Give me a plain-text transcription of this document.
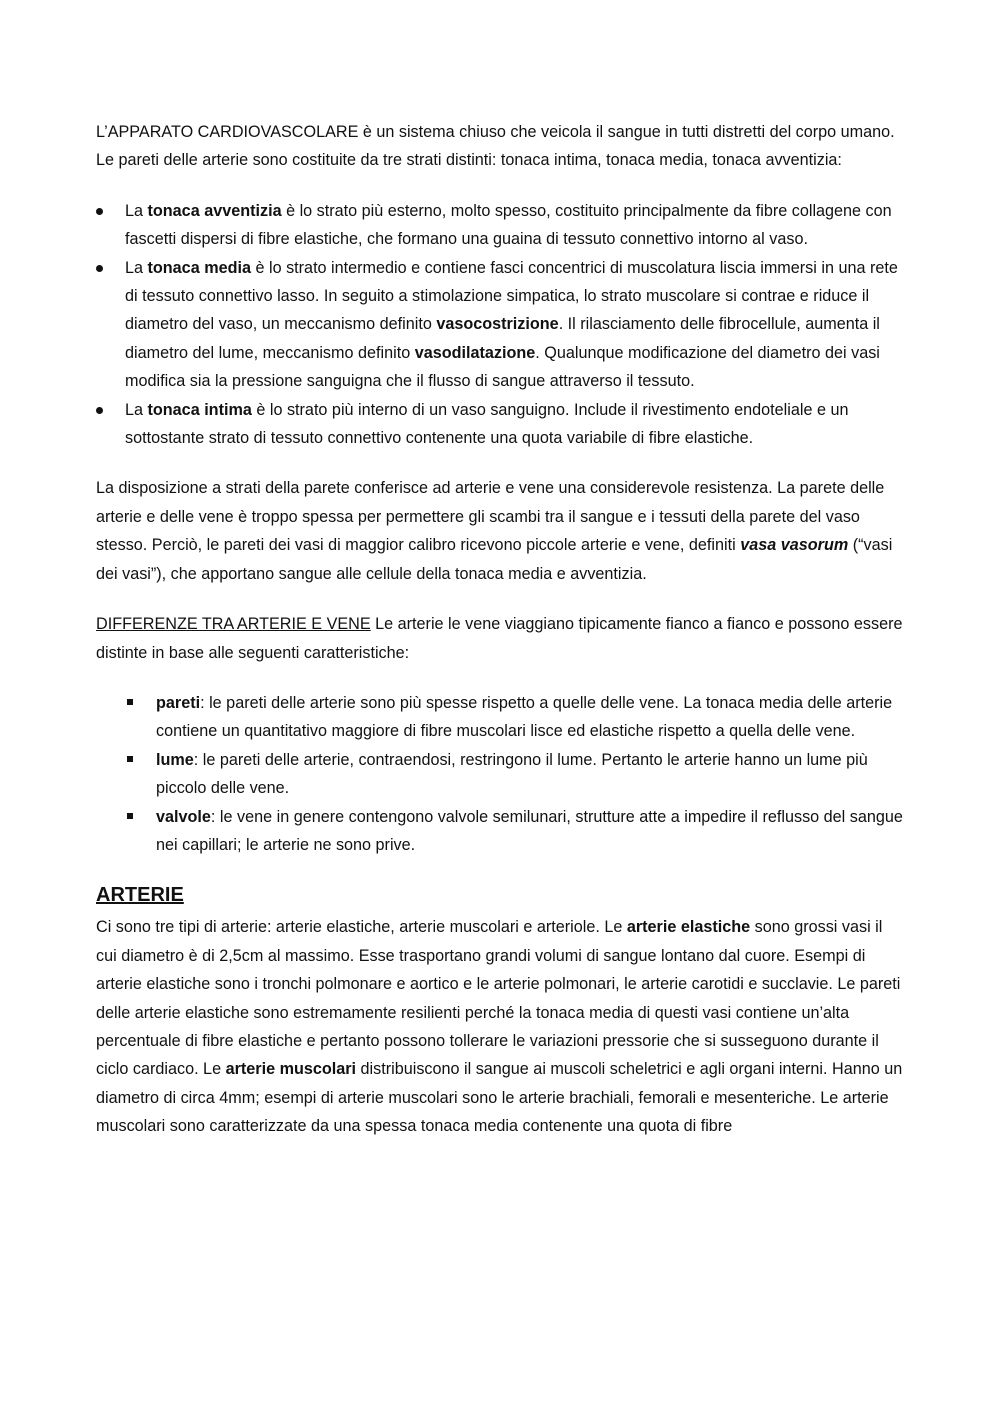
L’APPARATO CARDIOVASCOLARE è un sistema chiuso che veicola il sangue in tutti distretti del corpo umano. Le pareti delle arterie sono costituite da tre strati distinti: tonaca intima, tonaca media, tonaca avventizia:

La tonaca avventizia è lo strato più esterno, molto spesso, costituito principalmente da fibre collagene con fascetti dispersi di fibre elastiche, che formano una guaina di tessuto connettivo intorno al vaso.
La tonaca media è lo strato intermedio e contiene fasci concentrici di muscolatura liscia immersi in una rete di tessuto connettivo lasso. In seguito a stimolazione simpatica, lo strato muscolare si contrae e riduce il diametro del vaso, un meccanismo definito vasocostrizione. Il rilasciamento delle fibrocellule, aumenta il diametro del lume, meccanismo definito vasodilatazione. Qualunque modificazione del diametro dei vasi modifica sia la pressione sanguigna che il flusso di sangue attraverso il tessuto.
La tonaca intima è lo strato più interno di un vaso sanguigno. Include il rivestimento endoteliale e un sottostante strato di tessuto connettivo contenente una quota variabile di fibre elastiche.

La disposizione a strati della parete conferisce ad arterie e vene una considerevole resistenza. La parete delle arterie e delle vene è troppo spessa per permettere gli scambi tra il sangue e i tessuti della parete del vaso stesso. Perciò, le pareti dei vasi di maggior calibro ricevono piccole arterie e vene, definiti vasa vasorum (“vasi dei vasi”), che apportano sangue alle cellule della tonaca media e avventizia.

DIFFERENZE TRA ARTERIE E VENE Le arterie le vene viaggiano tipicamente fianco a fianco e possono essere distinte in base alle seguenti caratteristiche:

pareti: le pareti delle arterie sono più spesse rispetto a quelle delle vene. La tonaca media delle arterie contiene un quantitativo maggiore di fibre muscolari lisce ed elastiche rispetto a quella delle vene.
lume: le pareti delle arterie, contraendosi, restringono il lume. Pertanto le arterie hanno un lume più piccolo delle vene.
valvole: le vene in genere contengono valvole semilunari, strutture atte a impedire il reflusso del sangue nei capillari; le arterie ne sono prive.
ARTERIE

Ci sono tre tipi di arterie: arterie elastiche, arterie muscolari e arteriole. Le arterie elastiche sono grossi vasi il cui diametro è di 2,5cm al massimo. Esse trasportano grandi volumi di sangue lontano dal cuore. Esempi di arterie elastiche sono i tronchi polmonare e aortico e le arterie polmonari, le arterie carotidi e succlavie. Le pareti delle arterie elastiche sono estremamente resilienti perché la tonaca media di questi vasi contiene un’alta percentuale di fibre elastiche e pertanto possono tollerare le variazioni pressorie che si susseguono durante il ciclo cardiaco. Le arterie muscolari distribuiscono il sangue ai muscoli scheletrici e agli organi interni. Hanno un diametro di circa 4mm; esempi di arterie muscolari sono le arterie brachiali, femorali e mesenteriche. Le arterie muscolari sono caratterizzate da una spessa tonaca media contenente una quota di fibre
